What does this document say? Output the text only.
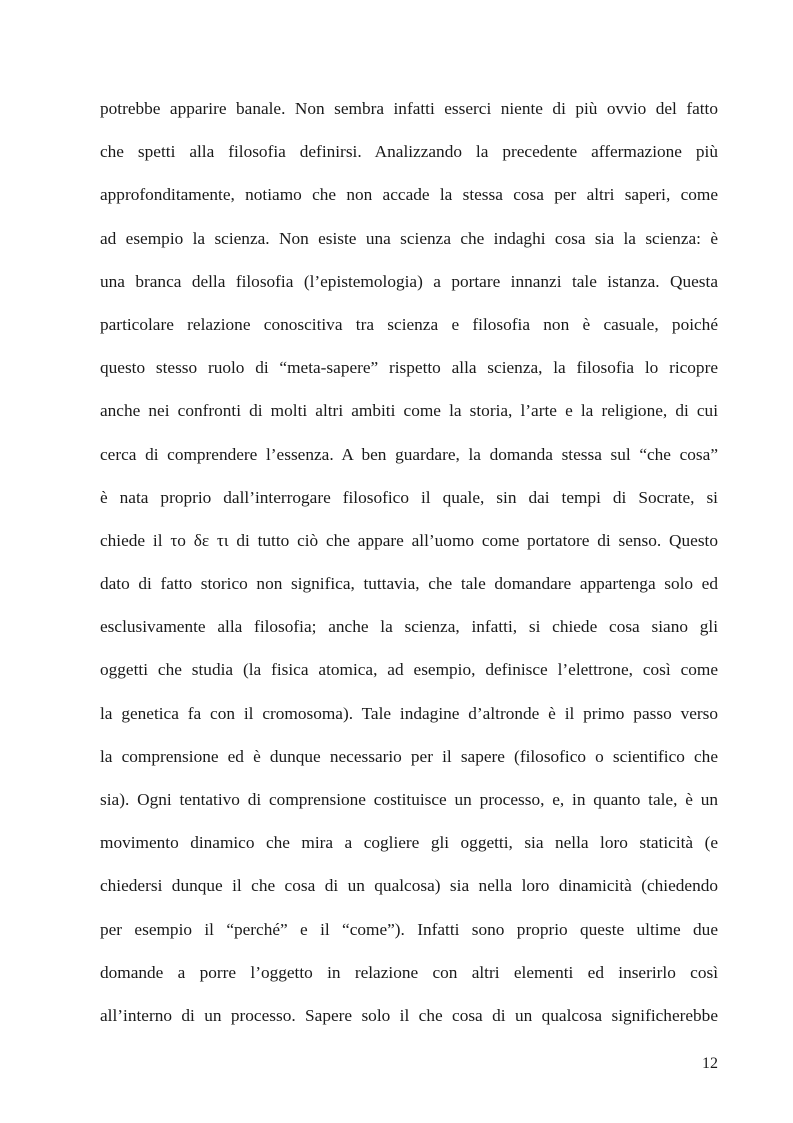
potrebbe apparire banale. Non sembra infatti esserci niente di più ovvio del fatto
che spetti alla filosofia definirsi. Analizzando la precedente affermazione più
approfonditamente, notiamo che non accade la stessa cosa per altri saperi, come
ad esempio la scienza. Non esiste una scienza che indaghi cosa sia la scienza: è
una branca della filosofia (l’epistemologia) a portare innanzi tale istanza. Questa
particolare relazione conoscitiva tra scienza e filosofia non è casuale, poiché
questo stesso ruolo di “meta-sapere” rispetto alla scienza, la filosofia lo ricopre
anche nei confronti di molti altri ambiti come la storia, l’arte e la religione, di cui
cerca di comprendere l’essenza. A ben guardare, la domanda stessa sul “che cosa”
è nata proprio dall’interrogare filosofico il quale, sin dai tempi di Socrate, si
chiede il το δε τι di tutto ciò che appare all’uomo come portatore di senso. Questo
dato di fatto storico non significa, tuttavia, che tale domandare appartenga solo ed
esclusivamente alla filosofia; anche la scienza, infatti, si chiede cosa siano gli
oggetti che studia (la fisica atomica, ad esempio, definisce l’elettrone, così come
la genetica fa con il cromosoma). Tale indagine d’altronde è il primo passo verso
la comprensione ed è dunque necessario per il sapere (filosofico o scientifico che
sia). Ogni tentativo di comprensione costituisce un processo, e, in quanto tale, è un
movimento dinamico che mira a cogliere gli oggetti, sia nella loro staticità (e
chiedersi dunque il che cosa di un qualcosa) sia nella loro dinamicità (chiedendo
per esempio il “perché” e il “come”). Infatti sono proprio queste ultime due
domande a porre l’oggetto in relazione con altri elementi ed inserirlo così
all’interno di un processo. Sapere solo il che cosa di un qualcosa significherebbe

12
